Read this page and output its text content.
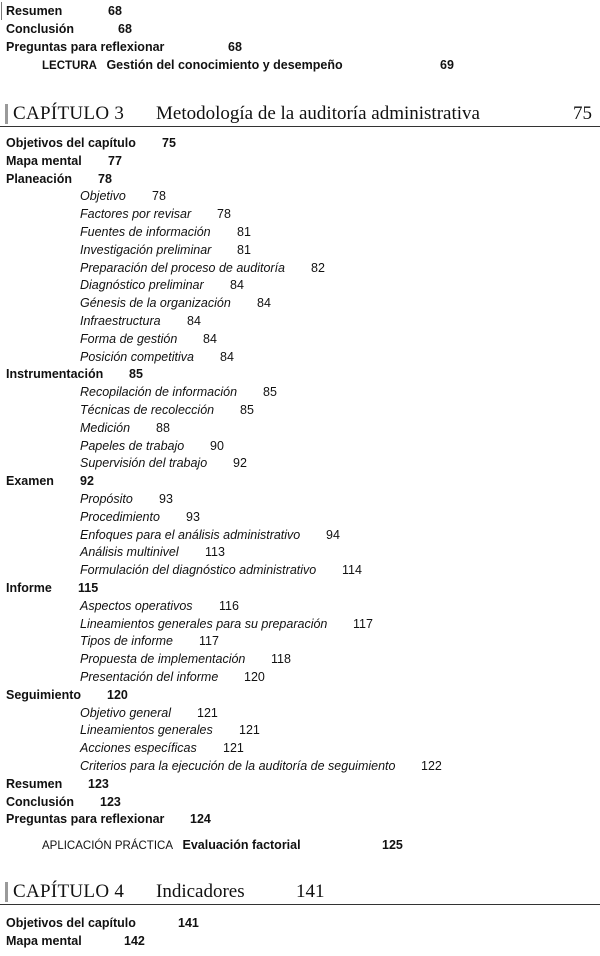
Resumen	68
Conclusión	68
Preguntas para reflexionar	68
LECTURA Gestión del conocimiento y desempeño	69
CAPÍTULO 3 Metodología de la auditoría administrativa	75
Objetivos del capítulo 75
Mapa mental 77
Planeación 78
Objetivo 78
Factores por revisar 78
Fuentes de información 81
Investigación preliminar 81
Preparación del proceso de auditoría 82
Diagnóstico preliminar 84
Génesis de la organización 84
Infraestructura 84
Forma de gestión 84
Posición competitiva 84
Instrumentación 85
Recopilación de información 85
Técnicas de recolección 85
Medición 88
Papeles de trabajo 90
Supervisión del trabajo 92
Examen 92
Propósito 93
Procedimiento 93
Enfoques para el análisis administrativo 94
Análisis multinivel 113
Formulación del diagnóstico administrativo 114
Informe 115
Aspectos operativos 116
Lineamientos generales para su preparación 117
Tipos de informe 117
Propuesta de implementación 118
Presentación del informe 120
Seguimiento 120
Objetivo general 121
Lineamientos generales 121
Acciones específicas 121
Criterios para la ejecución de la auditoría de seguimiento 122
Resumen 123
Conclusión 123
Preguntas para reflexionar 124
APLICACIÓN PRÁCTICA Evaluación factorial	125
CAPÍTULO 4 Indicadores	141
Objetivos del capítulo	141
Mapa mental	142
